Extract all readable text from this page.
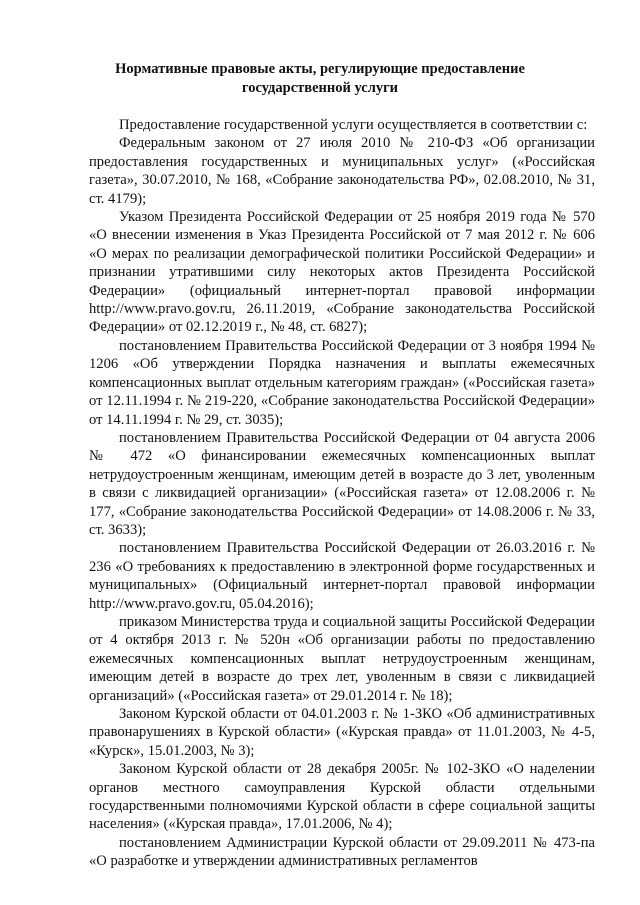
Нормативные правовые акты, регулирующие предоставление государственной услуги

Предоставление государственной услуги осуществляется в соответствии с:

Федеральным законом от 27 июля 2010 № 210-ФЗ «Об организации предоставления государственных и муниципальных услуг» («Российская газета», 30.07.2010, № 168, «Собрание законодательства РФ», 02.08.2010, № 31, ст. 4179);

Указом Президента Российской Федерации от 25 ноября 2019 года № 570 «О внесении изменения в Указ Президента Российской от 7 мая 2012 г. № 606 «О мерах по реализации демографической политики Российской Федерации» и признании утратившими силу некоторых актов Президента Российской Федерации» (официальный интернет-портал правовой информации http://www.pravo.gov.ru, 26.11.2019, «Собрание законодательства Российской Федерации» от 02.12.2019 г., № 48, ст. 6827);

постановлением Правительства Российской Федерации от 3 ноября 1994 № 1206 «Об утверждении Порядка назначения и выплаты ежемесячных компенсационных выплат отдельным категориям граждан» («Российская газета» от 12.11.1994 г. № 219-220, «Собрание законодательства Российской Федерации» от 14.11.1994 г. № 29, ст. 3035);

постановлением Правительства Российской Федерации от 04 августа 2006 № 472 «О финансировании ежемесячных компенсационных выплат нетрудоустроенным женщинам, имеющим детей в возрасте до 3 лет, уволенным в связи с ликвидацией организации» («Российская газета» от 12.08.2006 г. № 177, «Собрание законодательства Российской Федерации» от 14.08.2006 г. № 33, ст. 3633);

постановлением Правительства Российской Федерации от 26.03.2016 г. № 236 «О требованиях к предоставлению в электронной форме государственных и муниципальных» (Официальный интернет-портал правовой информации http://www.pravo.gov.ru, 05.04.2016);

приказом Министерства труда и социальной защиты Российской Федерации от 4 октября 2013 г. № 520н «Об организации работы по предоставлению ежемесячных компенсационных выплат нетрудоустроенным женщинам, имеющим детей в возрасте до трех лет, уволенным в связи с ликвидацией организаций» («Российская газета» от 29.01.2014 г. № 18);

Законом Курской области от 04.01.2003 г. № 1-ЗКО «Об административных правонарушениях в Курской области» («Курская правда» от 11.01.2003, № 4-5, «Курск», 15.01.2003, № 3);

Законом Курской области от 28 декабря 2005г. № 102-ЗКО «О наделении органов местного самоуправления Курской области отдельными государственными полномочиями Курской области в сфере социальной защиты населения» («Курская правда», 17.01.2006, № 4);

постановлением Администрации Курской области от 29.09.2011 № 473-па «О разработке и утверждении административных регламентов
